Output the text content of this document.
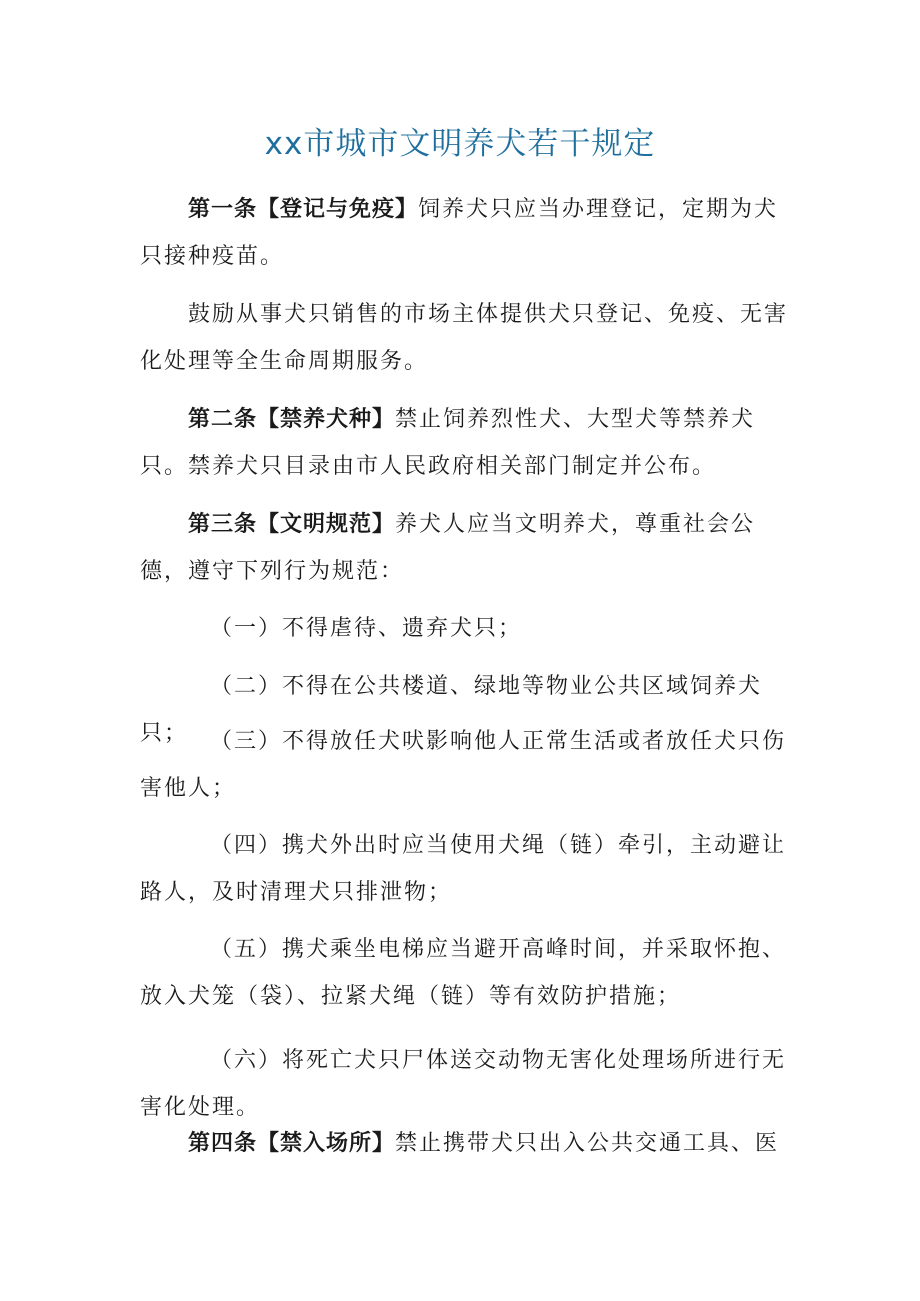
xx市城市文明养犬若干规定

第一条【登记与免疫】饲养犬只应当办理登记，定期为犬只接种疫苗。

鼓励从事犬只销售的市场主体提供犬只登记、免疫、无害化处理等全生命周期服务。

第二条【禁养犬种】禁止饲养烈性犬、大型犬等禁养犬只。禁养犬只目录由市人民政府相关部门制定并公布。

第三条【文明规范】养犬人应当文明养犬，尊重社会公德，遵守下列行为规范：

（一）不得虐待、遗弃犬只；

（二）不得在公共楼道、绿地等物业公共区域饲养犬只； （三）不得放任犬吠影响他人正常生活或者放任犬只伤害他人；

（四）携犬外出时应当使用犬绳（链）牵引，主动避让路人，及时清理犬只排泄物；

（五）携犬乘坐电梯应当避开高峰时间，并采取怀抱、放入犬笼（袋）、拉紧犬绳（链）等有效防护措施；

（六）将死亡犬只尸体送交动物无害化处理场所进行无害化处理。

第四条【禁入场所】禁止携带犬只出入公共交通工具、医
